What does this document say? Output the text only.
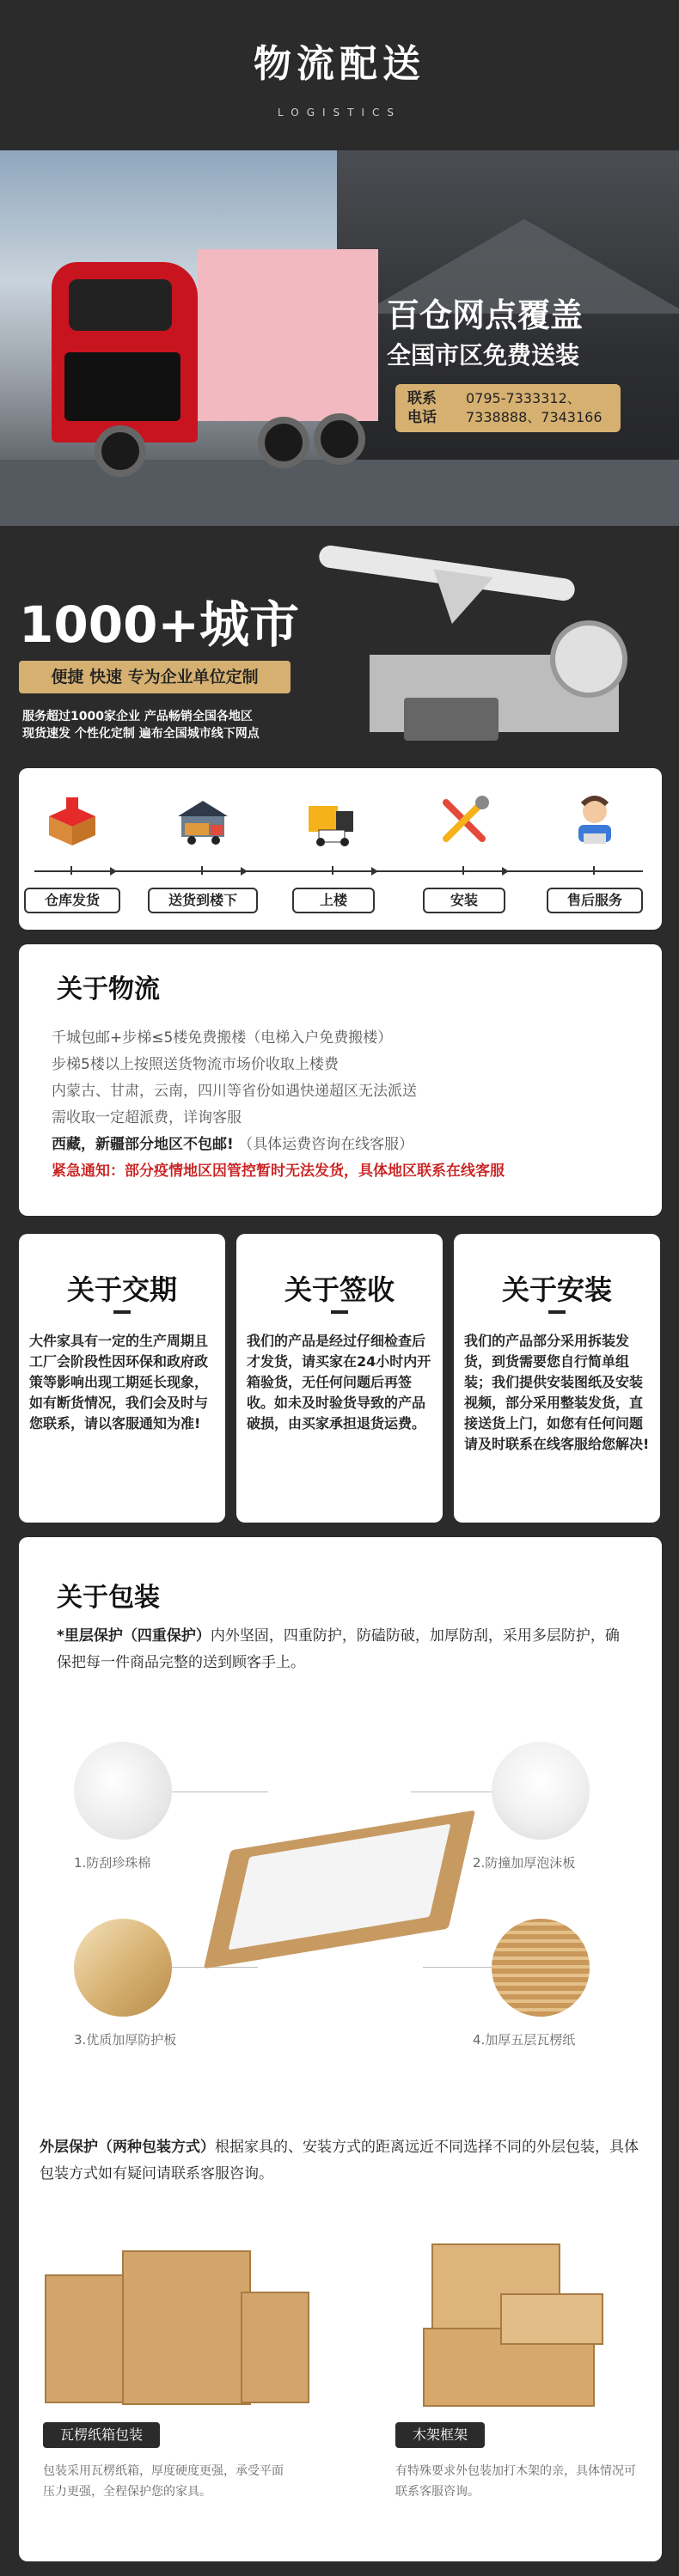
物流配送
LOGISTICS
百仓网点覆盖
全国市区免费送装
联系电话
0795-7333312、
7338888、7343166
1000+城市
便捷 快速 专为企业单位定制
服务超过1000家企业 产品畅销全国各地区
现货速发 个性化定制 遍布全国城市线下网点
仓库发货	送货到楼下	上楼	安装	售后服务
关于物流
千城包邮+步梯≤5楼免费搬楼（电梯入户免费搬楼）
步梯5楼以上按照送货物流市场价收取上楼费
内蒙古、甘肃，云南，四川等省份如遇快递超区无法派送
需收取一定超派费，详询客服
西藏，新疆部分地区不包邮! （具体运费咨询在线客服）
紧急通知：部分疫情地区因管控暂时无法发货，具体地区联系在线客服
关于交期
大件家具有一定的生产周期且工厂会阶段性因环保和政府政策等影响出现工期延长现象，如有断货情况，我们会及时与您联系，请以客服通知为准!
关于签收
我们的产品是经过仔细检查后才发货，请买家在24小时内开箱验货，无任何问题后再签收。如未及时验货导致的产品破损，由买家承担退货运费。
关于安装
我们的产品部分采用拆装发货，到货需要您自行简单组装；我们提供安装图纸及安装视频，部分采用整装发货，直接送货上门，如您有任何问题请及时联系在线客服给您解决!
关于包装
*里层保护（四重保护）内外坚固，四重防护，防磕防破，加厚防刮，采用多层防护，确保把每一件商品完整的送到顾客手上。
1.防刮珍珠棉	2.防撞加厚泡沫板
3.优质加厚防护板	4.加厚五层瓦楞纸
外层保护（两种包装方式）根据家具的、安装方式的距离远近不同选择不同的外层包装，具体包装方式如有疑问请联系客服咨询。
瓦楞纸箱包装
包装采用瓦楞纸箱，厚度硬度更强，承受平面压力更强，全程保护您的家具。
木架框架
有特殊要求外包装加打木架的亲，具体情况可联系客服咨询。
